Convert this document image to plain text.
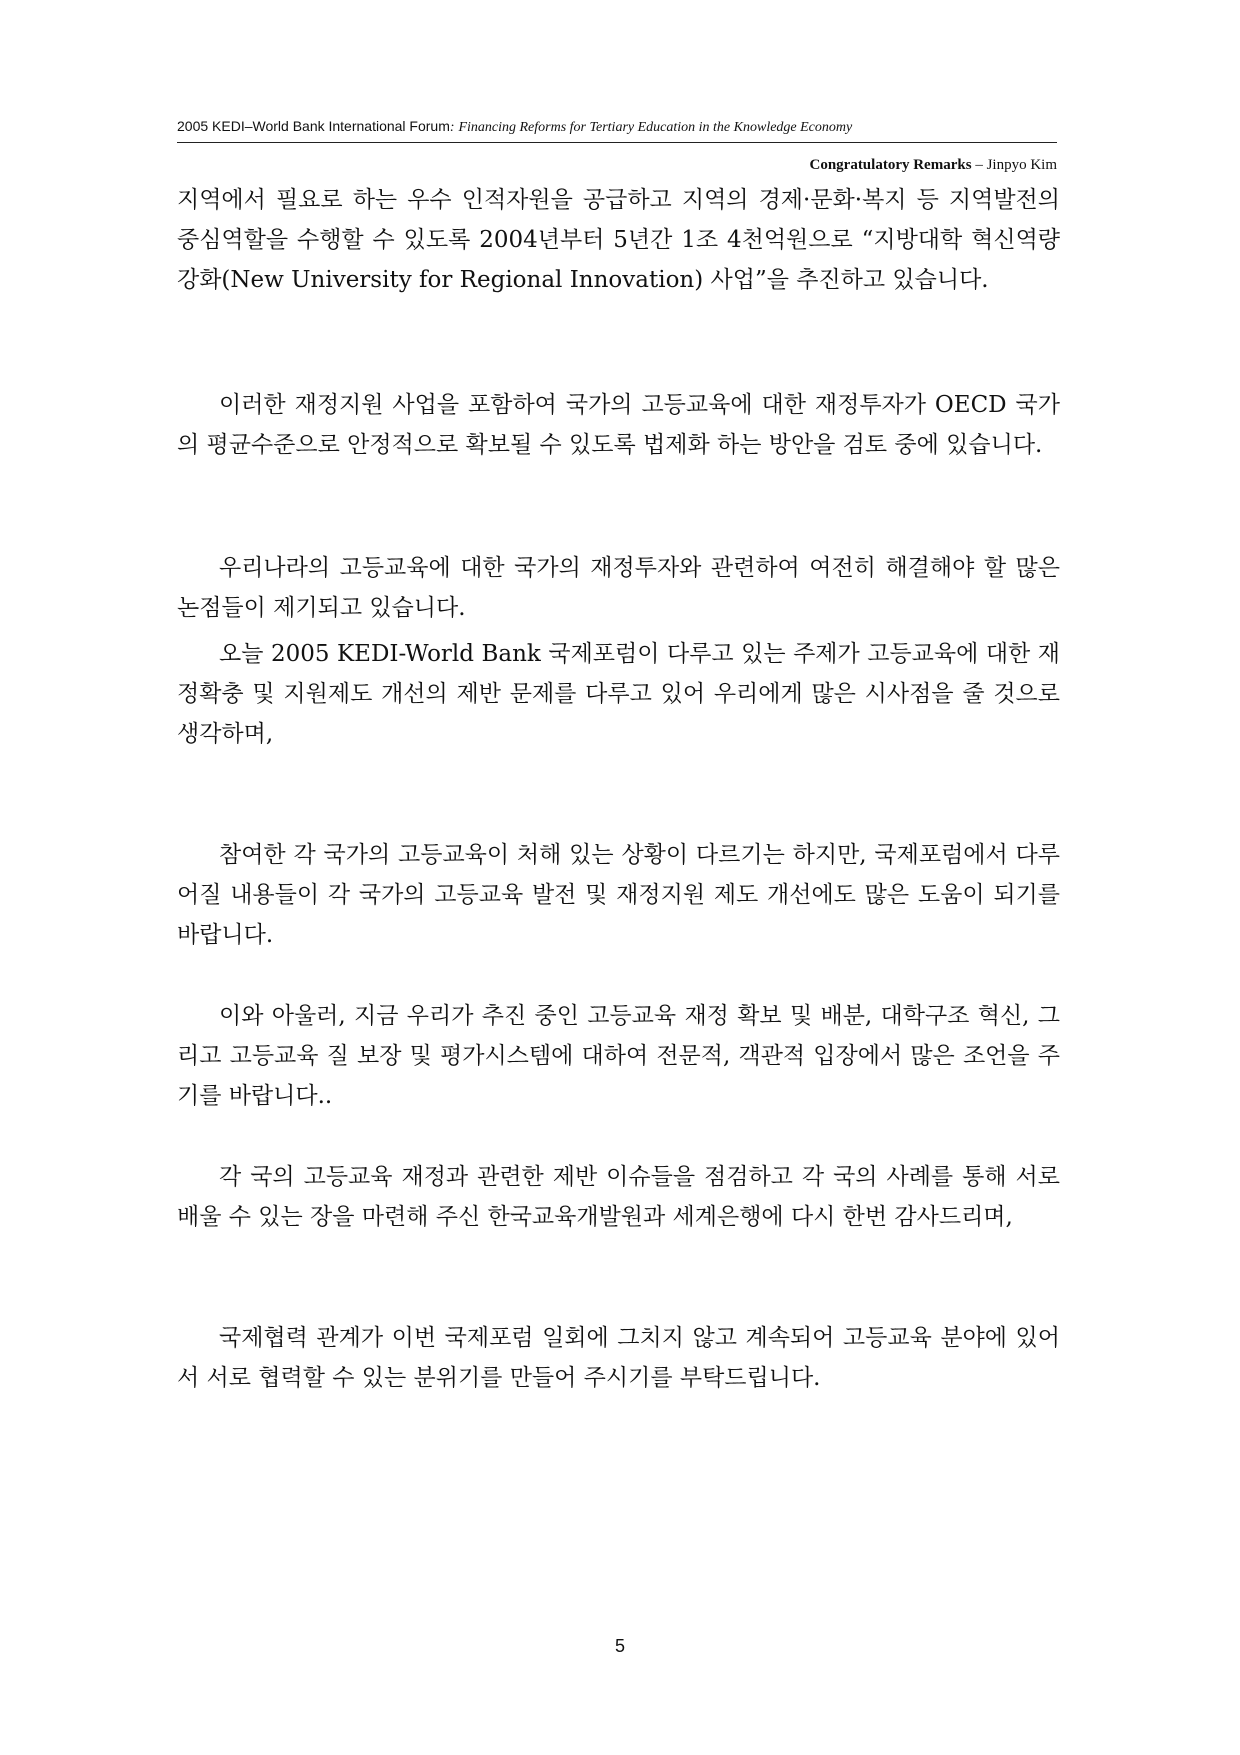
2005 KEDI–World Bank International Forum: Financing Reforms for Tertiary Education in the Knowledge Economy
Congratulatory Remarks – Jinpyo Kim

지역에서 필요로 하는 우수 인적자원을 공급하고 지역의 경제·문화·복지 등 지역발전의 중심역할을 수행할 수 있도록 2004년부터 5년간 1조 4천억원으로 “지방대학 혁신역량 강화(New University for Regional Innovation) 사업”을 추진하고 있습니다.

이러한 재정지원 사업을 포함하여 국가의 고등교육에 대한 재정투자가 OECD 국가의 평균수준으로 안정적으로 확보될 수 있도록 법제화 하는 방안을 검토 중에 있습니다.

우리나라의 고등교육에 대한 국가의 재정투자와 관련하여 여전히 해결해야 할 많은 논점들이 제기되고 있습니다.

오늘 2005 KEDI-World Bank 국제포럼이 다루고 있는 주제가 고등교육에 대한 재정확충 및 지원제도 개선의 제반 문제를 다루고 있어 우리에게 많은 시사점을 줄 것으로 생각하며,

참여한 각 국가의 고등교육이 처해 있는 상황이 다르기는 하지만, 국제포럼에서 다루어질 내용들이 각 국가의 고등교육 발전 및 재정지원 제도 개선에도 많은 도움이 되기를 바랍니다.

이와 아울러, 지금 우리가 추진 중인 고등교육 재정 확보 및 배분, 대학구조 혁신, 그리고 고등교육 질 보장 및 평가시스템에 대하여 전문적, 객관적 입장에서 많은 조언을 주기를 바랍니다..

각 국의 고등교육 재정과 관련한 제반 이슈들을 점검하고 각 국의 사례를 통해 서로 배울 수 있는 장을 마련해 주신 한국교육개발원과 세계은행에 다시 한번 감사드리며,

국제협력 관계가 이번 국제포럼 일회에 그치지 않고 계속되어 고등교육 분야에 있어서 서로 협력할 수 있는 분위기를 만들어 주시기를 부탁드립니다.

5
